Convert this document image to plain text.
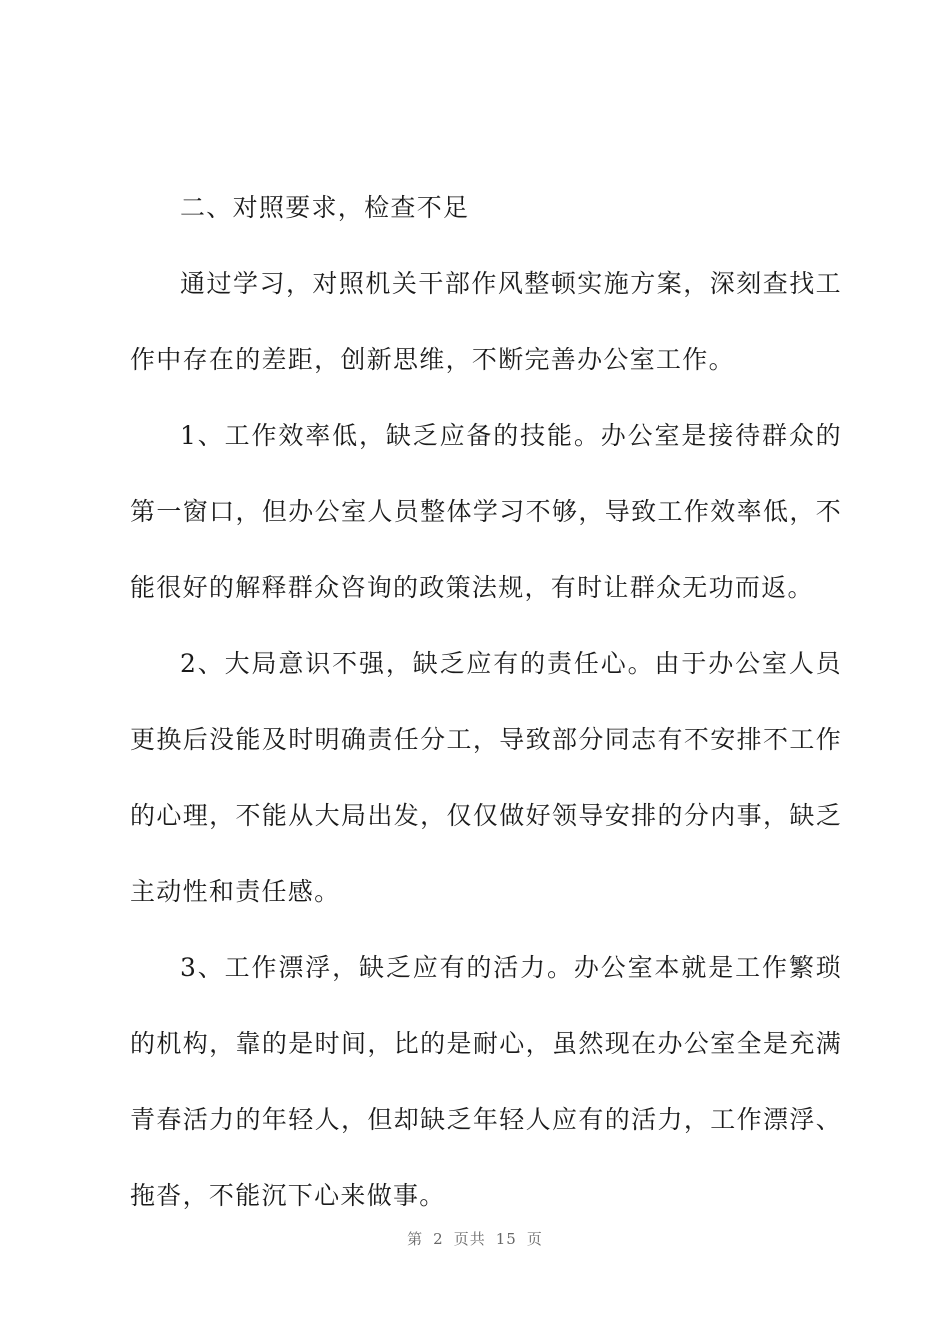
二、对照要求，检查不足

通过学习，对照机关干部作风整顿实施方案，深刻查找工作中存在的差距，创新思维，不断完善办公室工作。

1、工作效率低，缺乏应备的技能。办公室是接待群众的第一窗口，但办公室人员整体学习不够，导致工作效率低，不能很好的解释群众咨询的政策法规，有时让群众无功而返。

2、大局意识不强，缺乏应有的责任心。由于办公室人员更换后没能及时明确责任分工，导致部分同志有不安排不工作的心理，不能从大局出发，仅仅做好领导安排的分内事，缺乏主动性和责任感。

3、工作漂浮，缺乏应有的活力。办公室本就是工作繁琐的机构，靠的是时间，比的是耐心，虽然现在办公室全是充满青春活力的年轻人，但却缺乏年轻人应有的活力，工作漂浮、拖沓，不能沉下心来做事。

第 2 页共 15 页
